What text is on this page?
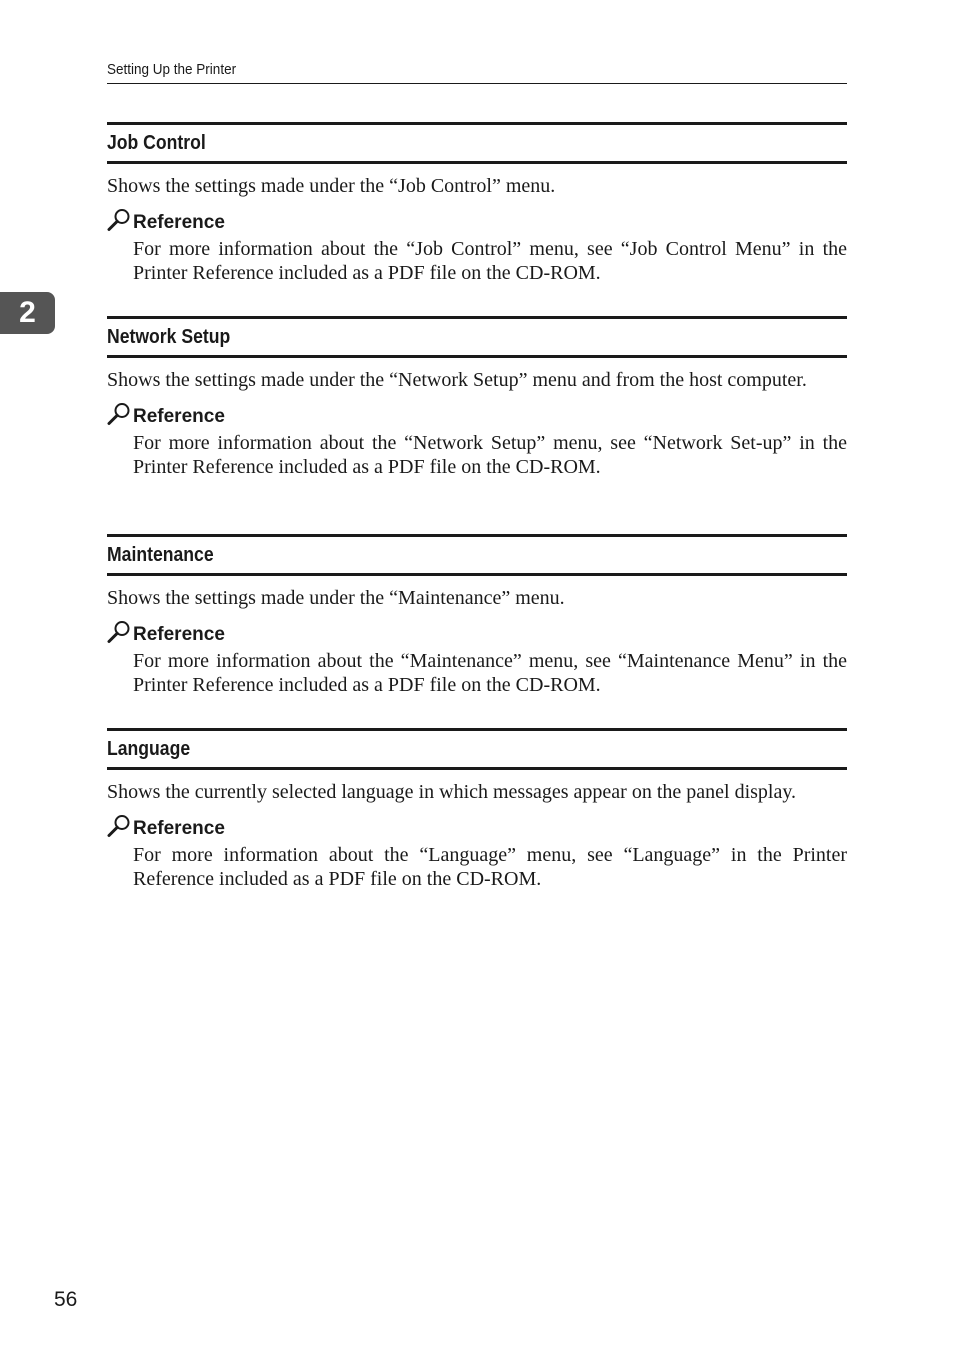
Setting Up the Printer
2
Job Control

Shows the settings made under the “Job Control” menu.

Reference

For more information about the “Job Control” menu, see “Job Control Menu” in the Printer Reference included as a PDF file on the CD-ROM.

Network Setup

Shows the settings made under the “Network Setup” menu and from the host computer.

Reference

For more information about the “Network Setup” menu, see “Network Set-up” in the Printer Reference included as a PDF file on the CD-ROM.

Maintenance

Shows the settings made under the “Maintenance” menu.

Reference

For more information about the “Maintenance” menu, see “Maintenance Menu” in the Printer Reference included as a PDF file on the CD-ROM.

Language

Shows the currently selected language in which messages appear on the panel display.

Reference

For more information about the “Language” menu, see “Language” in the Printer Reference included as a PDF file on the CD-ROM.

56
